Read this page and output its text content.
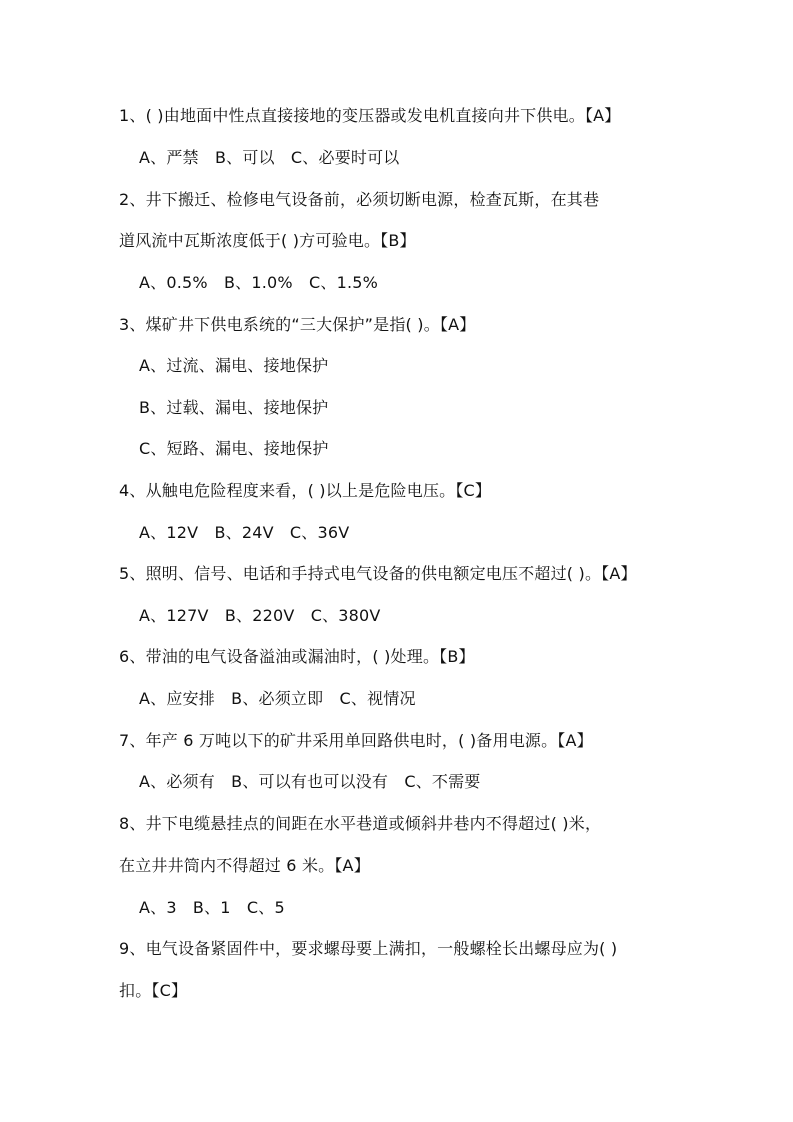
1、( )由地面中性点直接接地的变压器或发电机直接向井下供电。【A】
A、严禁　B、可以　C、必要时可以
2、井下搬迁、检修电气设备前，必须切断电源，检查瓦斯，在其巷
道风流中瓦斯浓度低于( )方可验电。【B】
A、0.5%　B、1.0%　C、1.5%
3、煤矿井下供电系统的“三大保护”是指( )。【A】
A、过流、漏电、接地保护
B、过载、漏电、接地保护
C、短路、漏电、接地保护
4、从触电危险程度来看，( )以上是危险电压。【C】
A、12V　B、24V　C、36V
5、照明、信号、电话和手持式电气设备的供电额定电压不超过( )。【A】
A、127V　B、220V　C、380V
6、带油的电气设备溢油或漏油时，( )处理。【B】
A、应安排　B、必须立即　C、视情况
7、年产 6 万吨以下的矿井采用单回路供电时，( )备用电源。【A】
A、必须有　B、可以有也可以没有　C、不需要
8、井下电缆悬挂点的间距在水平巷道或倾斜井巷内不得超过( )米，
在立井井筒内不得超过 6 米。【A】
A、3　B、1　C、5
9、电气设备紧固件中，要求螺母要上满扣，一般螺栓长出螺母应为( )
扣。【C】
